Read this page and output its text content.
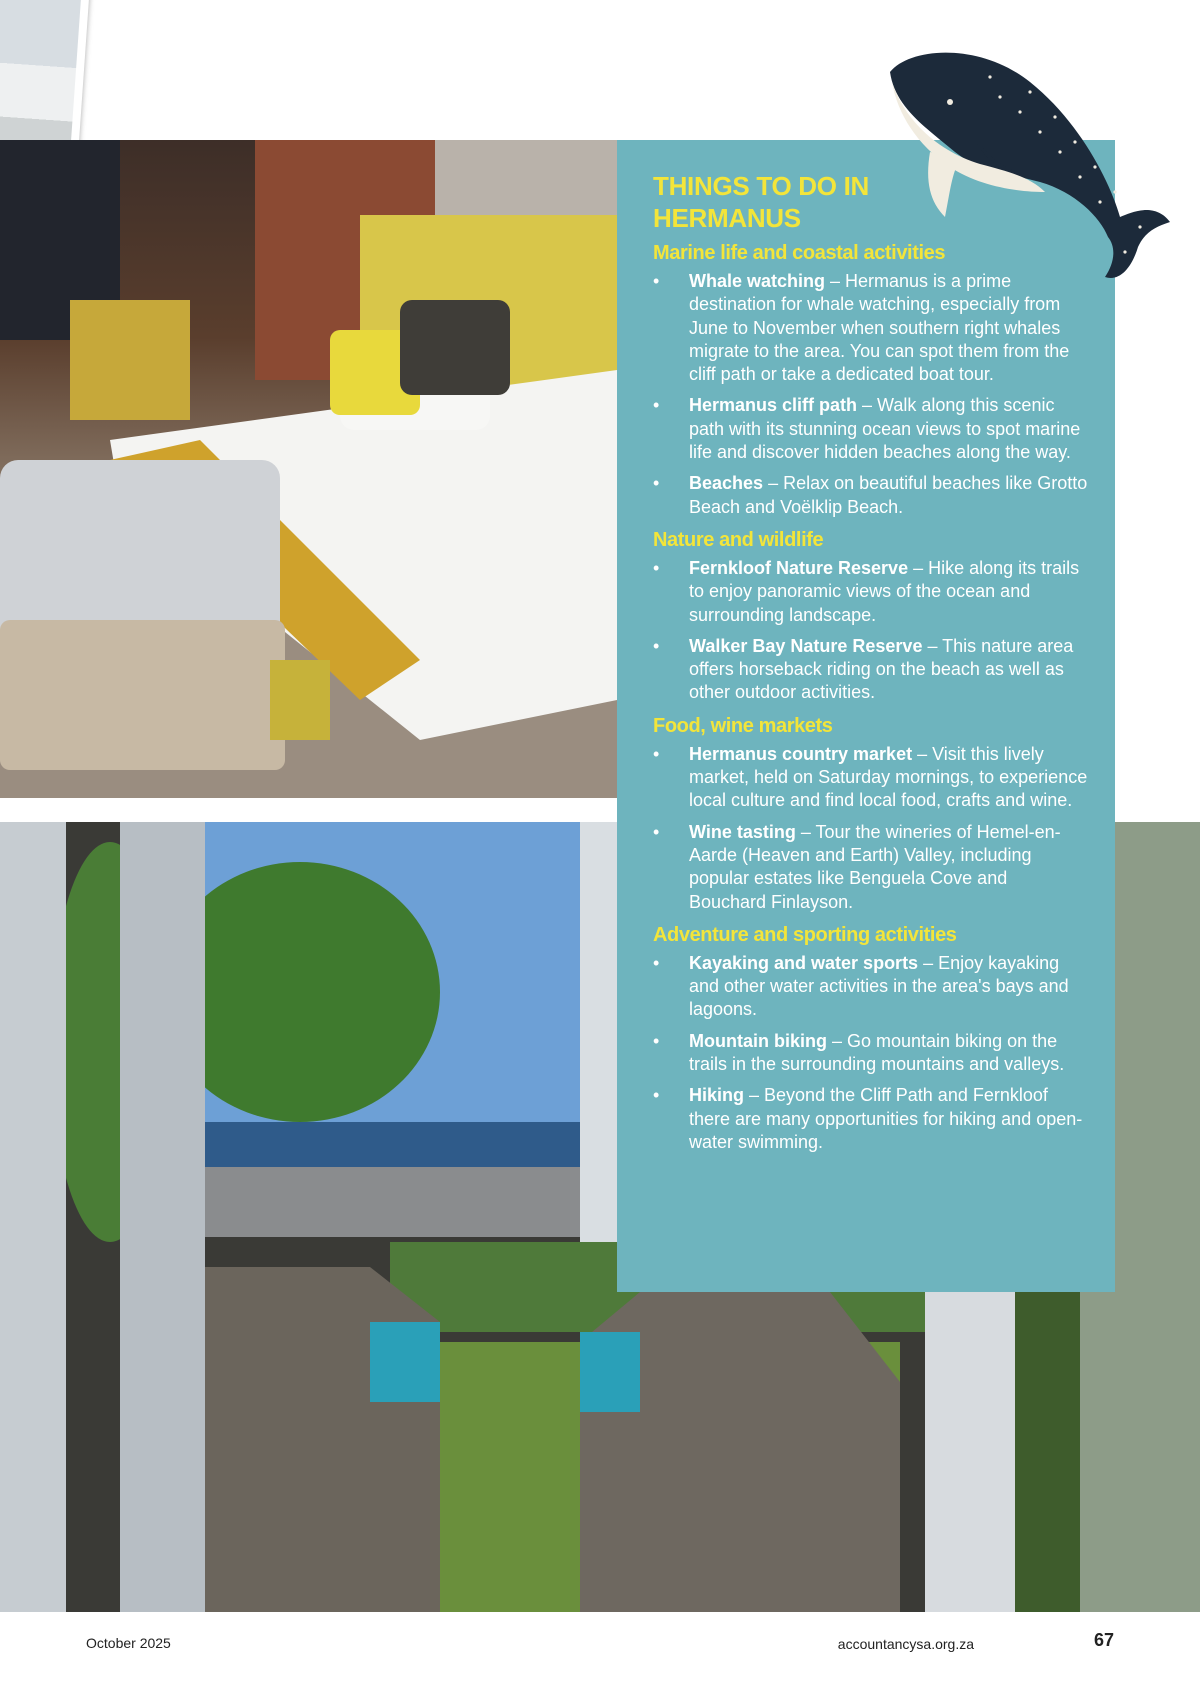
THINGS TO DO IN HERMANUS
Marine life and coastal activities
• Whale watching – Hermanus is a prime destination for whale watching, especially from June to November when southern right whales migrate to the area. You can spot them from the cliff path or take a dedicated boat tour.
• Hermanus cliff path – Walk along this scenic path with its stunning ocean views to spot marine life and discover hidden beaches along the way.
• Beaches – Relax on beautiful beaches like Grotto Beach and Voëlklip Beach.
Nature and wildlife
• Fernkloof Nature Reserve – Hike along its trails to enjoy panoramic views of the ocean and surrounding landscape.
• Walker Bay Nature Reserve – This nature area offers horseback riding on the beach as well as other outdoor activities.
Food, wine markets
• Hermanus country market – Visit this lively market, held on Saturday mornings, to experience local culture and find local food, crafts and wine.
• Wine tasting – Tour the wineries of Hemel-en-Aarde (Heaven and Earth) Valley, including popular estates like Benguela Cove and Bouchard Finlayson.
Adventure and sporting activities
• Kayaking and water sports – Enjoy kayaking and other water activities in the area's bays and lagoons.
• Mountain biking – Go mountain biking on the trails in the surrounding mountains and valleys.
• Hiking – Beyond the Cliff Path and Fernkloof there are many opportunities for hiking and open-water swimming.
October 2025	accountancysa.org.za	67
